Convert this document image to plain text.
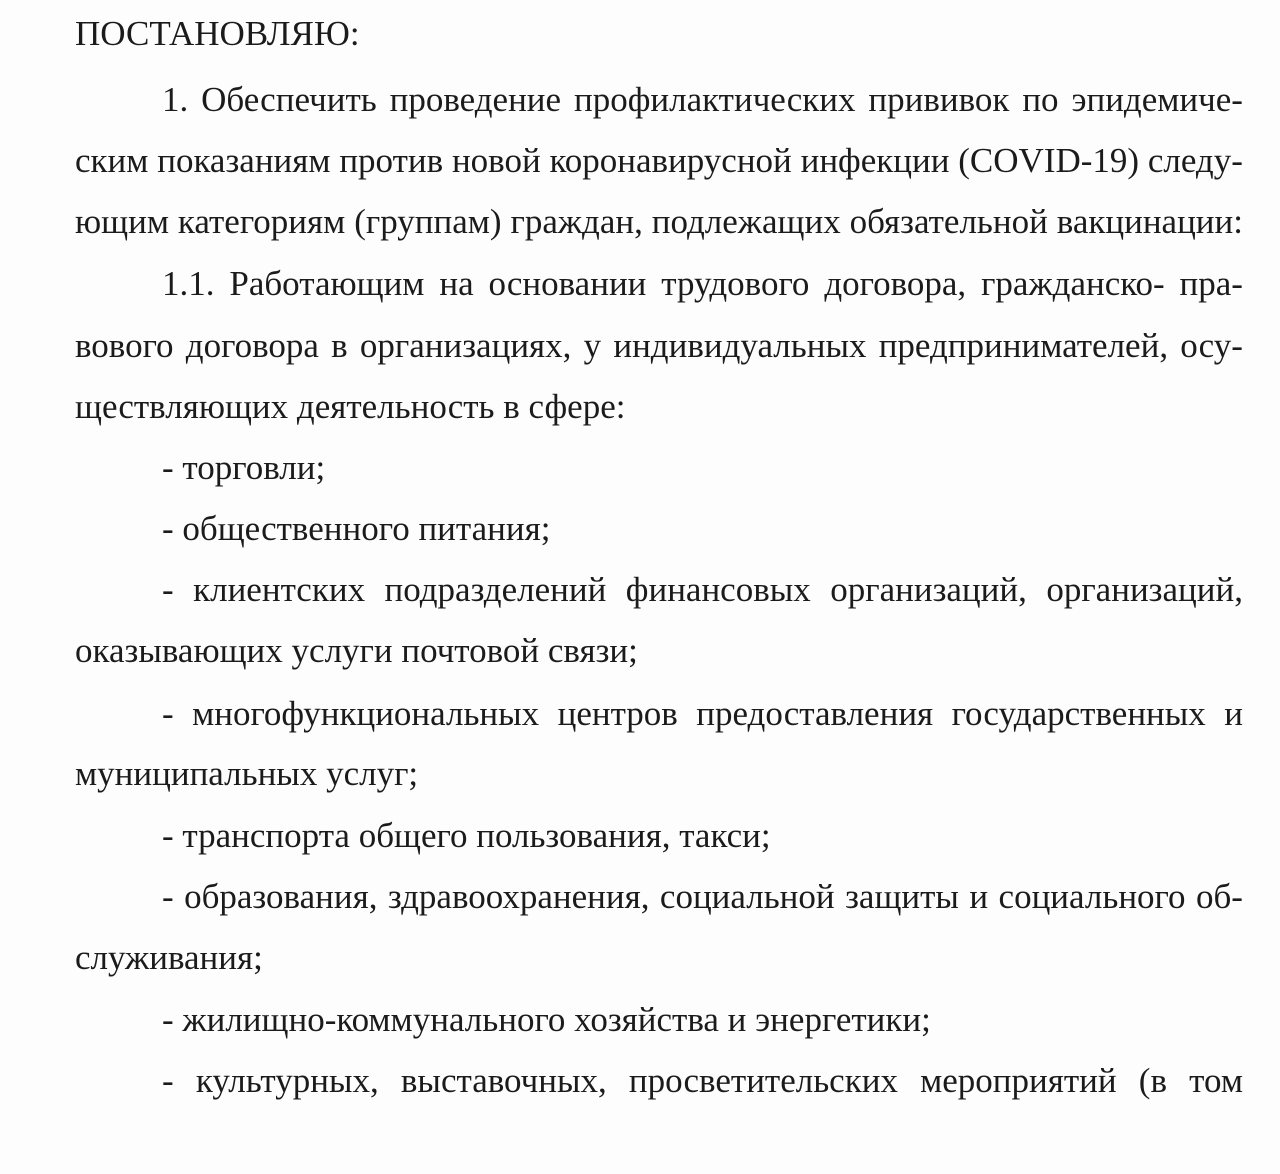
ПОСТАНОВЛЯЮ:

1. Обеспечить проведение профилактических прививок по эпидемиче-

ским показаниям против новой коронавирусной инфекции (COVID-19) следу-

ющим категориям (группам) граждан, подлежащих обязательной вакцинации:

1.1. Работающим на основании трудового договора, гражданско- пра-

вового договора в организациях, у индивидуальных предпринимателей, осу-

ществляющих деятельность в сфере:

- торговли;

- общественного питания;

- клиентских подразделений финансовых организаций, организаций,

оказывающих услуги почтовой связи;

- многофункциональных центров предоставления государственных и

муниципальных услуг;

- транспорта общего пользования, такси;

- образования, здравоохранения, социальной защиты и социального об-

служивания;

- жилищно-коммунального хозяйства и энергетики;

- культурных, выставочных, просветительских мероприятий (в том
